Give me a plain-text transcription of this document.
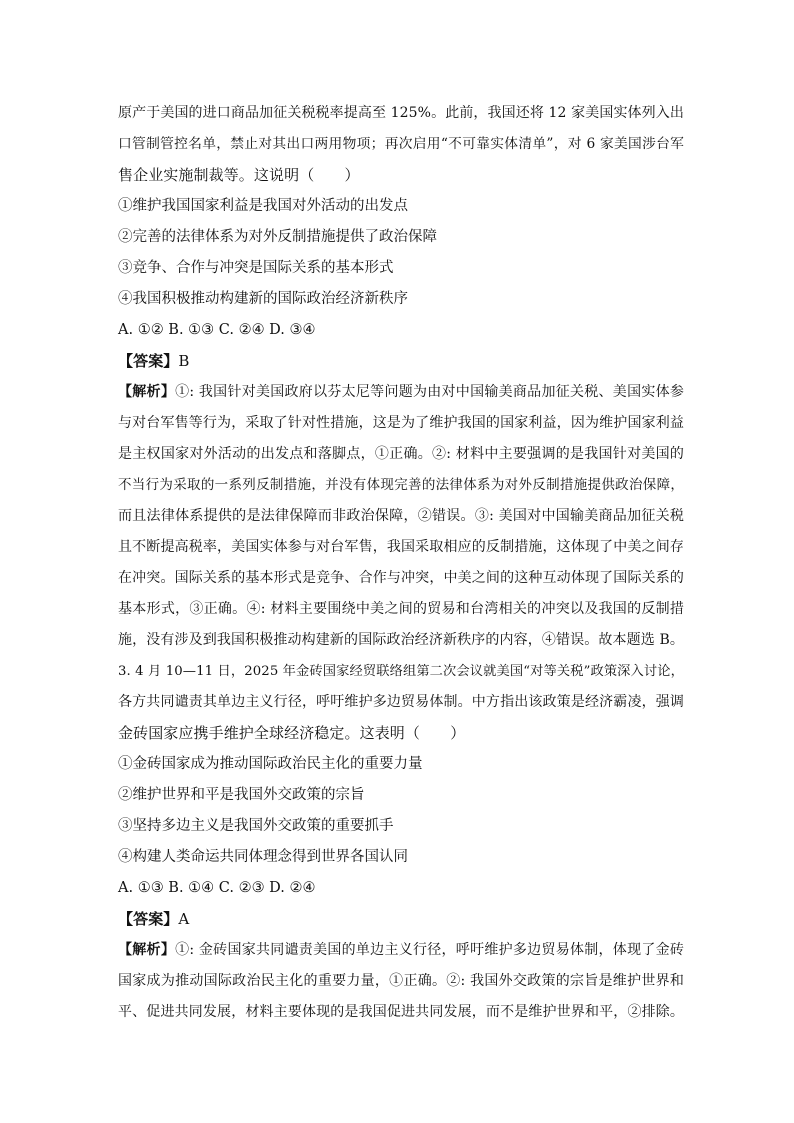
原产于美国的进口商品加征关税税率提高至 125%。此前，我国还将 12 家美国实体列入出
口管制管控名单，禁止对其出口两用物项；再次启用“不可靠实体清单”，对 6 家美国涉台军
售企业实施制裁等。这说明（　　）
①维护我国国家利益是我国对外活动的出发点
②完善的法律体系为对外反制措施提供了政治保障
③竞争、合作与冲突是国际关系的基本形式
④我国积极推动构建新的国际政治经济新秩序
A. ①② B. ①③ C. ②④ D. ③④
【答案】B
【解析】①: 我国针对美国政府以芬太尼等问题为由对中国输美商品加征关税、美国实体参
与对台军售等行为，采取了针对性措施，这是为了维护我国的国家利益，因为维护国家利益
是主权国家对外活动的出发点和落脚点，①正确。②: 材料中主要强调的是我国针对美国的
不当行为采取的一系列反制措施，并没有体现完善的法律体系为对外反制措施提供政治保障，
而且法律体系提供的是法律保障而非政治保障，②错误。③: 美国对中国输美商品加征关税
且不断提高税率，美国实体参与对台军售，我国采取相应的反制措施，这体现了中美之间存
在冲突。国际关系的基本形式是竞争、合作与冲突，中美之间的这种互动体现了国际关系的
基本形式，③正确。④: 材料主要围绕中美之间的贸易和台湾相关的冲突以及我国的反制措
施，没有涉及到我国积极推动构建新的国际政治经济新秩序的内容，④错误。故本题选 B。
3. 4 月 10—11 日，2025 年金砖国家经贸联络组第二次会议就美国“对等关税”政策深入讨论，
各方共同谴责其单边主义行径，呼吁维护多边贸易体制。中方指出该政策是经济霸凌，强调
金砖国家应携手维护全球经济稳定。这表明（　　）
①金砖国家成为推动国际政治民主化的重要力量
②维护世界和平是我国外交政策的宗旨
③坚持多边主义是我国外交政策的重要抓手
④构建人类命运共同体理念得到世界各国认同
A. ①③ B. ①④ C. ②③ D. ②④
【答案】A
【解析】①: 金砖国家共同谴责美国的单边主义行径，呼吁维护多边贸易体制，体现了金砖
国家成为推动国际政治民主化的重要力量，①正确。②: 我国外交政策的宗旨是维护世界和
平、促进共同发展，材料主要体现的是我国促进共同发展，而不是维护世界和平，②排除。
